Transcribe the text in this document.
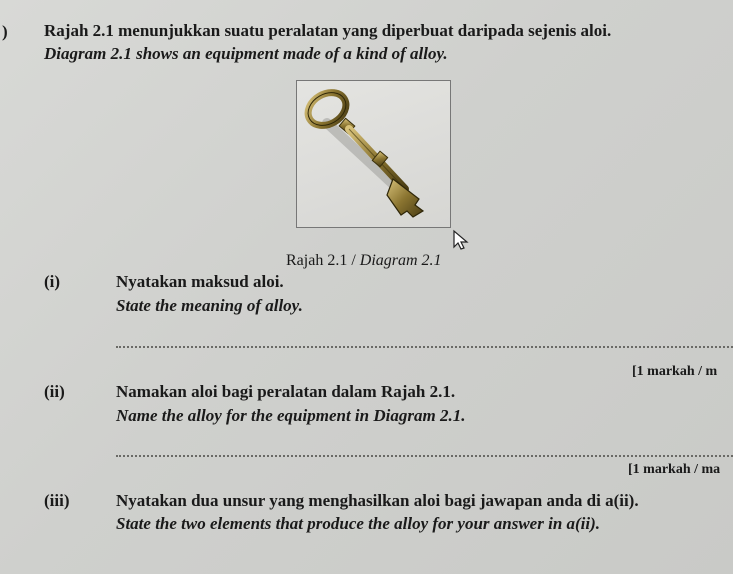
) Rajah 2.1 menunjukkan suatu peralatan yang diperbuat daripada sejenis aloi.
Diagram 2.1 shows an equipment made of a kind of alloy.
Rajah 2.1 / Diagram 2.1
(i)	Nyatakan maksud aloi.
State the meaning of alloy.
[1 markah / m
(ii)	Namakan aloi bagi peralatan dalam Rajah 2.1.
Name the alloy for the equipment in Diagram 2.1.
[1 markah / ma
(iii)	Nyatakan dua unsur yang menghasilkan aloi bagi jawapan anda di a(ii).
State the two elements that produce the alloy for your answer in a(ii).
